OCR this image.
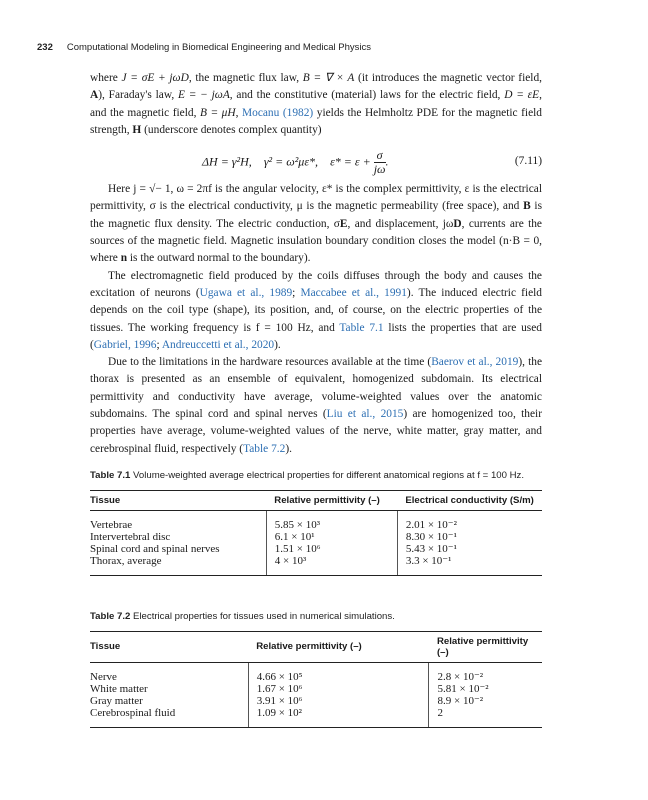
232 Computational Modeling in Biomedical Engineering and Medical Physics

where J = σE + jωD, the magnetic flux law, B = ∇ × A (it introduces the magnetic vector field, A), Faraday's law, E = − jωA, and the constitutive (material) laws for the electric field, D = εE, and the magnetic field, B = μH, Mocanu (1982) yields the Helmholtz PDE for the magnetic field strength, H (underscore denotes complex quantity)

ΔH = γ²H, γ² = ω²με*, $\varepsilon* = \varepsilon + \frac{\sigma}{j\omega}$ .	(7.11)

Here j = √− 1, ω = 2πf is the angular velocity, ε* is the complex permittivity, ε is the electrical permittivity, σ is the electrical conductivity, μ is the magnetic permeability (free space), and B is the magnetic flux density. The electric conduction, σE, and displacement, jωD, currents are the sources of the magnetic field. Magnetic insulation boundary condition closes the model (n·B = 0, where n is the outward normal to the boundary).

The electromagnetic field produced by the coils diffuses through the body and causes the excitation of neurons (Ugawa et al., 1989; Maccabee et al., 1991). The induced electric field depends on the coil type (shape), its position, and, of course, on the electric properties of the tissues. The working frequency is f = 100 Hz, and Table 7.1 lists the properties that are used (Gabriel, 1996; Andreuccetti et al., 2020).

Due to the limitations in the hardware resources available at the time (Baerov et al., 2019), the thorax is presented as an ensemble of equivalent, homogenized subdomain. Its electrical permittivity and conductivity have average, volume-weighted values over the anatomic subdomains. The spinal cord and spinal nerves (Liu et al., 2015) are homogenized too, their properties have average, volume-weighted values of the nerve, white matter, gray matter, and cerebrospinal fluid, respectively (Table 7.2).

Table 7.1 Volume-weighted average electrical properties for different anatomical regions at f = 100 Hz.
Tissue	Relative permittivity (–)	Electrical conductivity (S/m)
Vertebrae	5.85 × 10³	2.01 × 10⁻²
Intervertebral disc	6.1 × 10¹	8.30 × 10⁻¹
Spinal cord and spinal nerves	1.51 × 10⁶	5.43 × 10⁻¹
Thorax, average	4 × 10³	3.3 × 10⁻¹
Table 7.2 Electrical properties for tissues used in numerical simulations.
Tissue	Relative permittivity (–)	Relative permittivity (–)
Nerve	4.66 × 10⁵	2.8 × 10⁻²
White matter	1.67 × 10⁶	5.81 × 10⁻²
Gray matter	3.91 × 10⁶	8.9 × 10⁻²
Cerebrospinal fluid	1.09 × 10²	2
